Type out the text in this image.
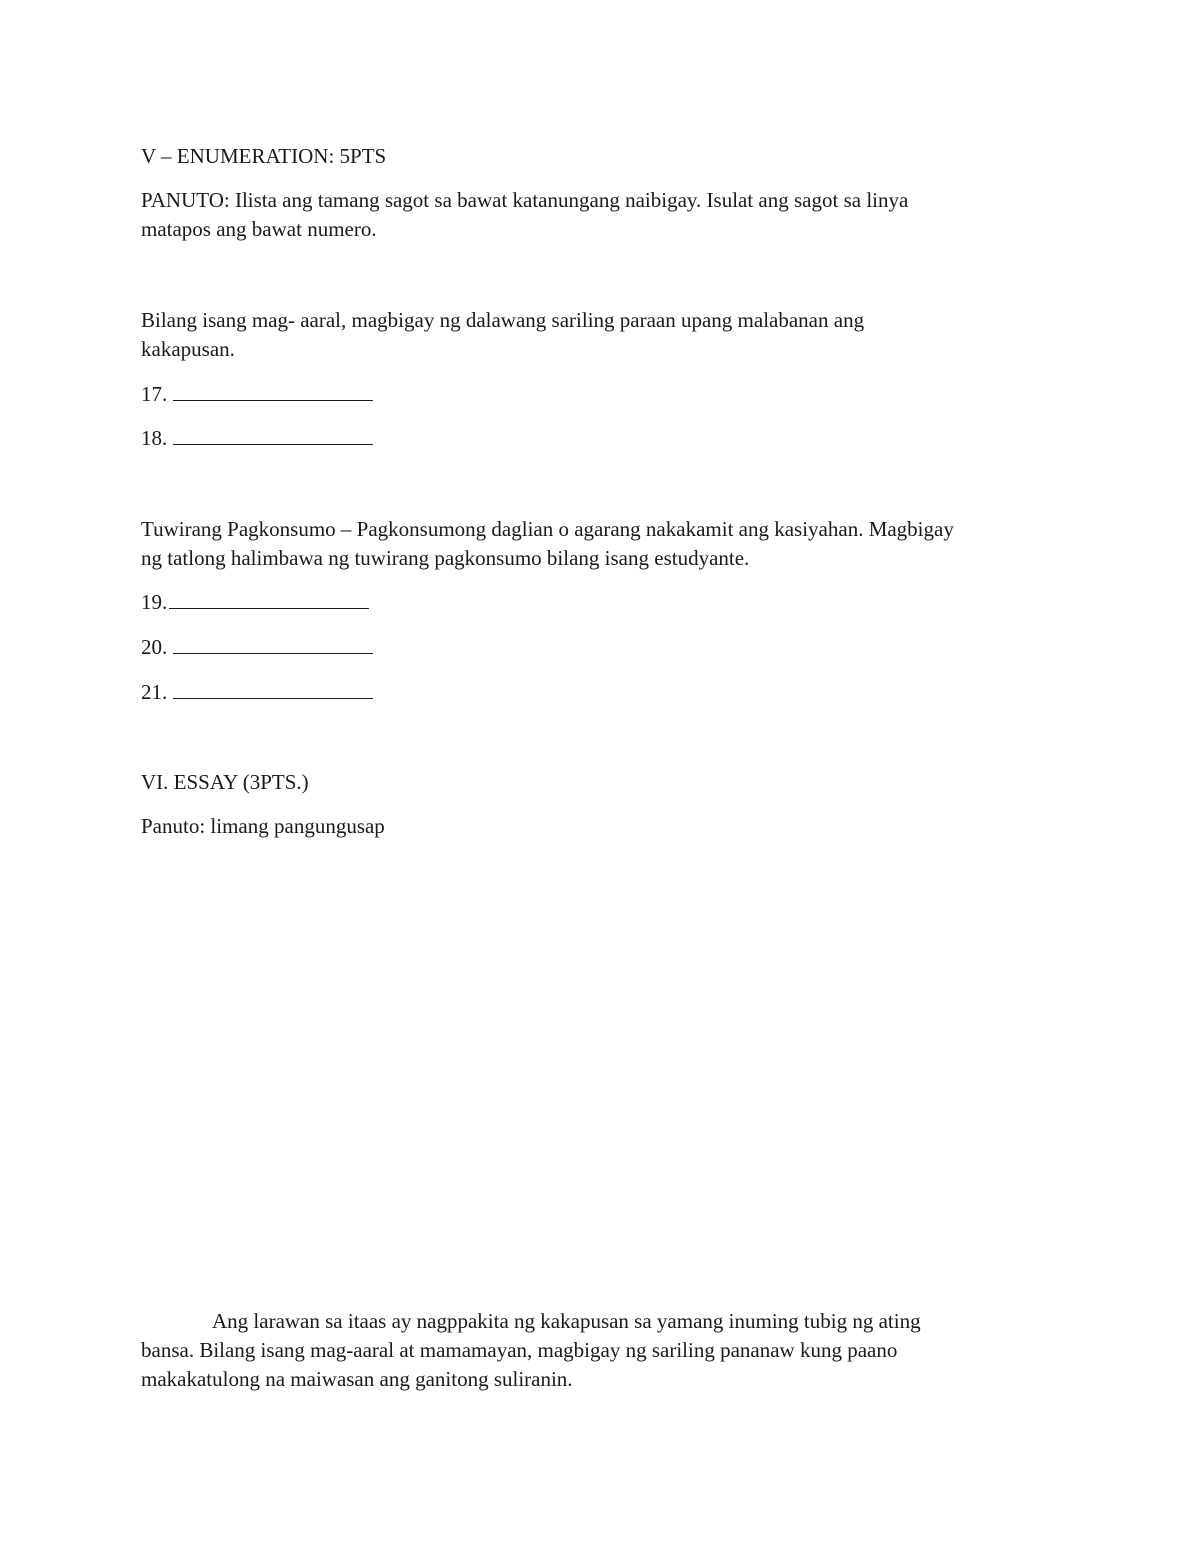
V – ENUMERATION: 5PTS
PANUTO: Ilista ang tamang sagot sa bawat katanungang naibigay. Isulat ang sagot sa linya
matapos ang bawat numero.
Bilang isang mag- aaral, magbigay ng dalawang sariling paraan upang malabanan ang
kakapusan.
17.
18.
Tuwirang Pagkonsumo – Pagkonsumong daglian o agarang nakakamit ang kasiyahan. Magbigay
ng tatlong halimbawa ng tuwirang pagkonsumo bilang isang estudyante.
19.
20.
21.
VI. ESSAY (3PTS.)
Panuto: limang pangungusap
Ang larawan sa itaas ay nagppakita ng kakapusan sa yamang inuming tubig ng ating
bansa. Bilang isang mag-aaral at mamamayan, magbigay ng sariling pananaw kung paano
makakatulong na maiwasan ang ganitong suliranin.
